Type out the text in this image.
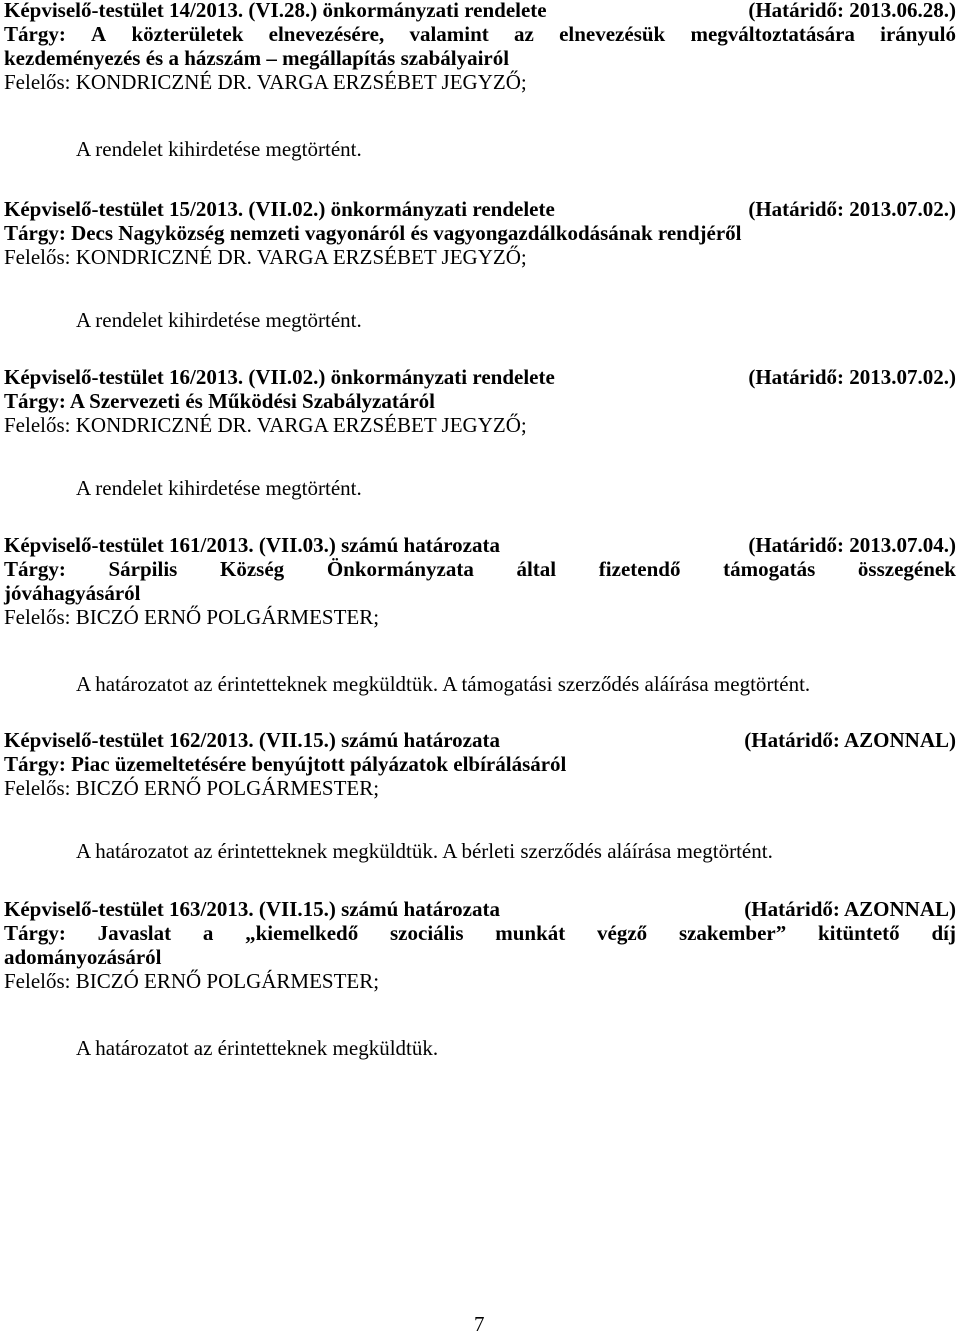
Képviselő-testület 14/2013. (VI.28.) önkormányzati rendelete	(Határidő: 2013.06.28.)
Tárgy: A közterületek elnevezésére, valamint az elnevezésük megváltoztatására irányuló
kezdeményezés és a házszám – megállapítás szabályairól
Felelős: KONDRICZNÉ DR. VARGA ERZSÉBET JEGYZŐ;
A rendelet kihirdetése megtörtént.
Képviselő-testület 15/2013. (VII.02.) önkormányzati rendelete	(Határidő: 2013.07.02.)
Tárgy: Decs Nagyközség nemzeti vagyonáról és vagyongazdálkodásának rendjéről
Felelős: KONDRICZNÉ DR. VARGA ERZSÉBET JEGYZŐ;
A rendelet kihirdetése megtörtént.
Képviselő-testület 16/2013. (VII.02.) önkormányzati rendelete	(Határidő: 2013.07.02.)
Tárgy: A Szervezeti és Működési Szabályzatáról
Felelős: KONDRICZNÉ DR. VARGA ERZSÉBET JEGYZŐ;
A rendelet kihirdetése megtörtént.
Képviselő-testület 161/2013. (VII.03.) számú határozata	(Határidő: 2013.07.04.)
Tárgy: Sárpilis Község Önkormányzata által fizetendő támogatás összegének
jóváhagyásáról
Felelős: BICZÓ ERNŐ POLGÁRMESTER;
A határozatot az érintetteknek megküldtük. A támogatási szerződés aláírása megtörtént.
Képviselő-testület 162/2013. (VII.15.) számú határozata	(Határidő: AZONNAL)
Tárgy: Piac üzemeltetésére benyújtott pályázatok elbírálásáról
Felelős: BICZÓ ERNŐ POLGÁRMESTER;
A határozatot az érintetteknek megküldtük. A bérleti szerződés aláírása megtörtént.
Képviselő-testület 163/2013. (VII.15.) számú határozata	(Határidő: AZONNAL)
Tárgy: Javaslat a „kiemelkedő szociális munkát végző szakember” kitüntető díj
adományozásáról
Felelős: BICZÓ ERNŐ POLGÁRMESTER;
A határozatot az érintetteknek megküldtük.
7
